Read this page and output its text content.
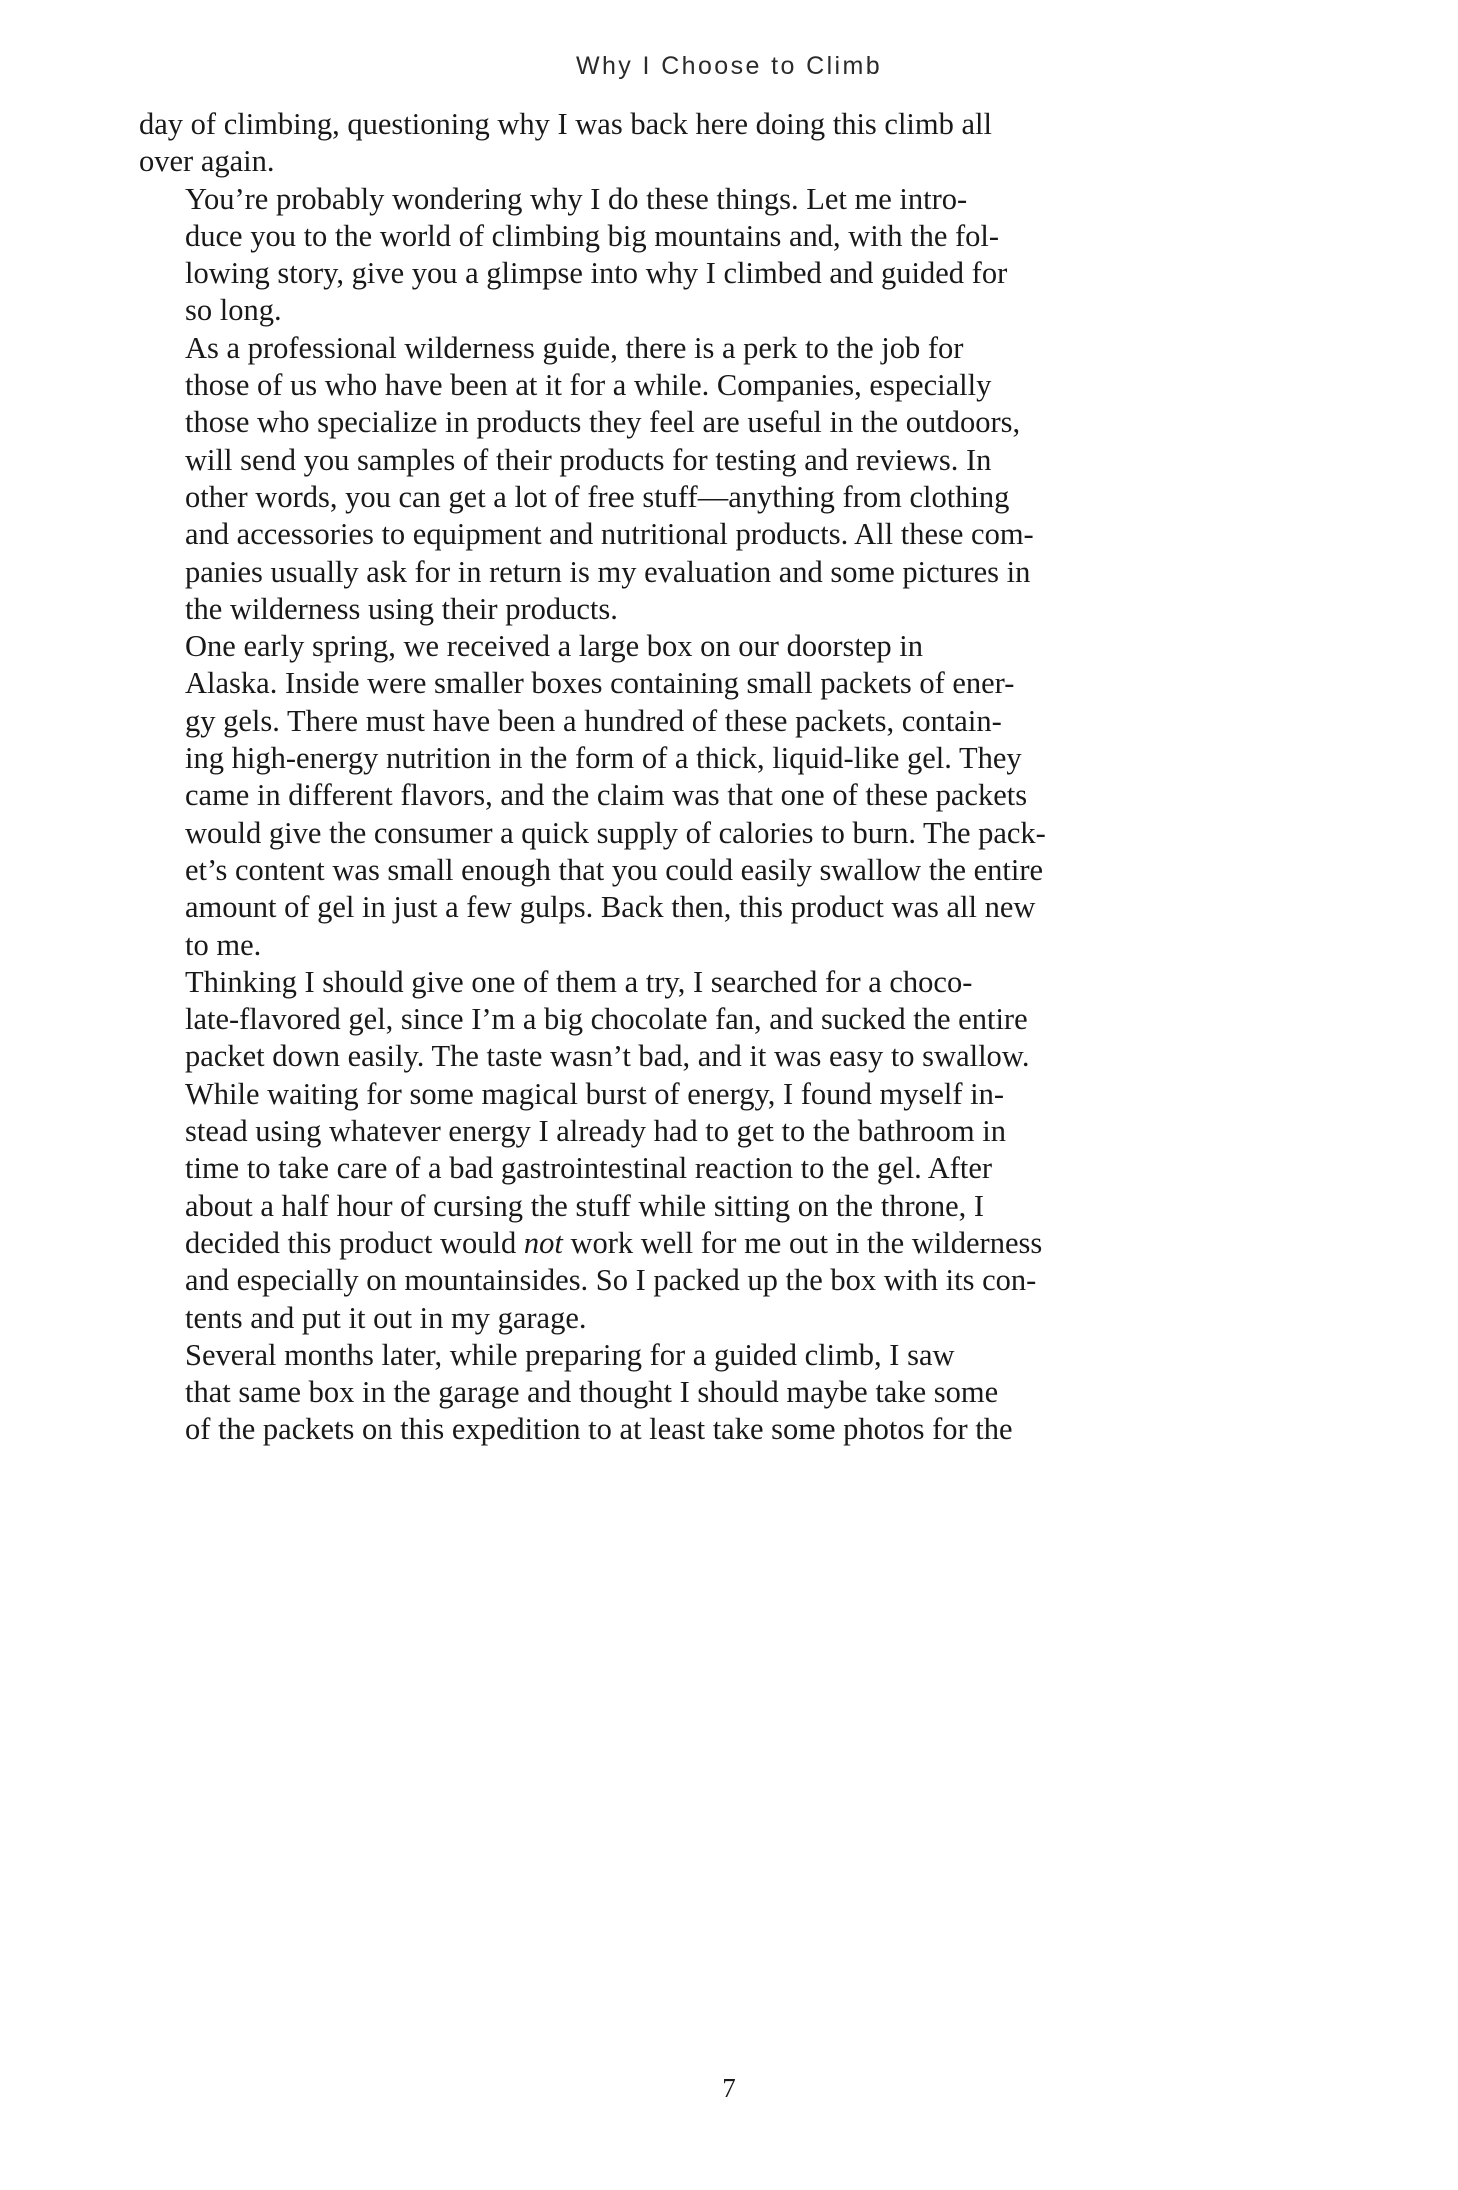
Why I Choose to Climb

day of climbing, questioning why I was back here doing this climb all
over again.

You’re probably wondering why I do these things. Let me intro-
duce you to the world of climbing big mountains and, with the fol-
lowing story, give you a glimpse into why I climbed and guided for
so long.

As a professional wilderness guide, there is a perk to the job for
those of us who have been at it for a while. Companies, especially
those who specialize in products they feel are useful in the outdoors,
will send you samples of their products for testing and reviews. In
other words, you can get a lot of free stuff—anything from clothing
and accessories to equipment and nutritional products. All these com-
panies usually ask for in return is my evaluation and some pictures in
the wilderness using their products.

One early spring, we received a large box on our doorstep in
Alaska. Inside were smaller boxes containing small packets of ener-
gy gels. There must have been a hundred of these packets, contain-
ing high-energy nutrition in the form of a thick, liquid-like gel. They
came in different flavors, and the claim was that one of these packets
would give the consumer a quick supply of calories to burn. The pack-
et’s content was small enough that you could easily swallow the entire
amount of gel in just a few gulps. Back then, this product was all new
to me.

Thinking I should give one of them a try, I searched for a choco-
late-flavored gel, since I’m a big chocolate fan, and sucked the entire
packet down easily. The taste wasn’t bad, and it was easy to swallow.
While waiting for some magical burst of energy, I found myself in-
stead using whatever energy I already had to get to the bathroom in
time to take care of a bad gastrointestinal reaction to the gel. After
about a half hour of cursing the stuff while sitting on the throne, I
decided this product would not work well for me out in the wilderness
and especially on mountainsides. So I packed up the box with its con-
tents and put it out in my garage.

Several months later, while preparing for a guided climb, I saw
that same box in the garage and thought I should maybe take some
of the packets on this expedition to at least take some photos for the

7
